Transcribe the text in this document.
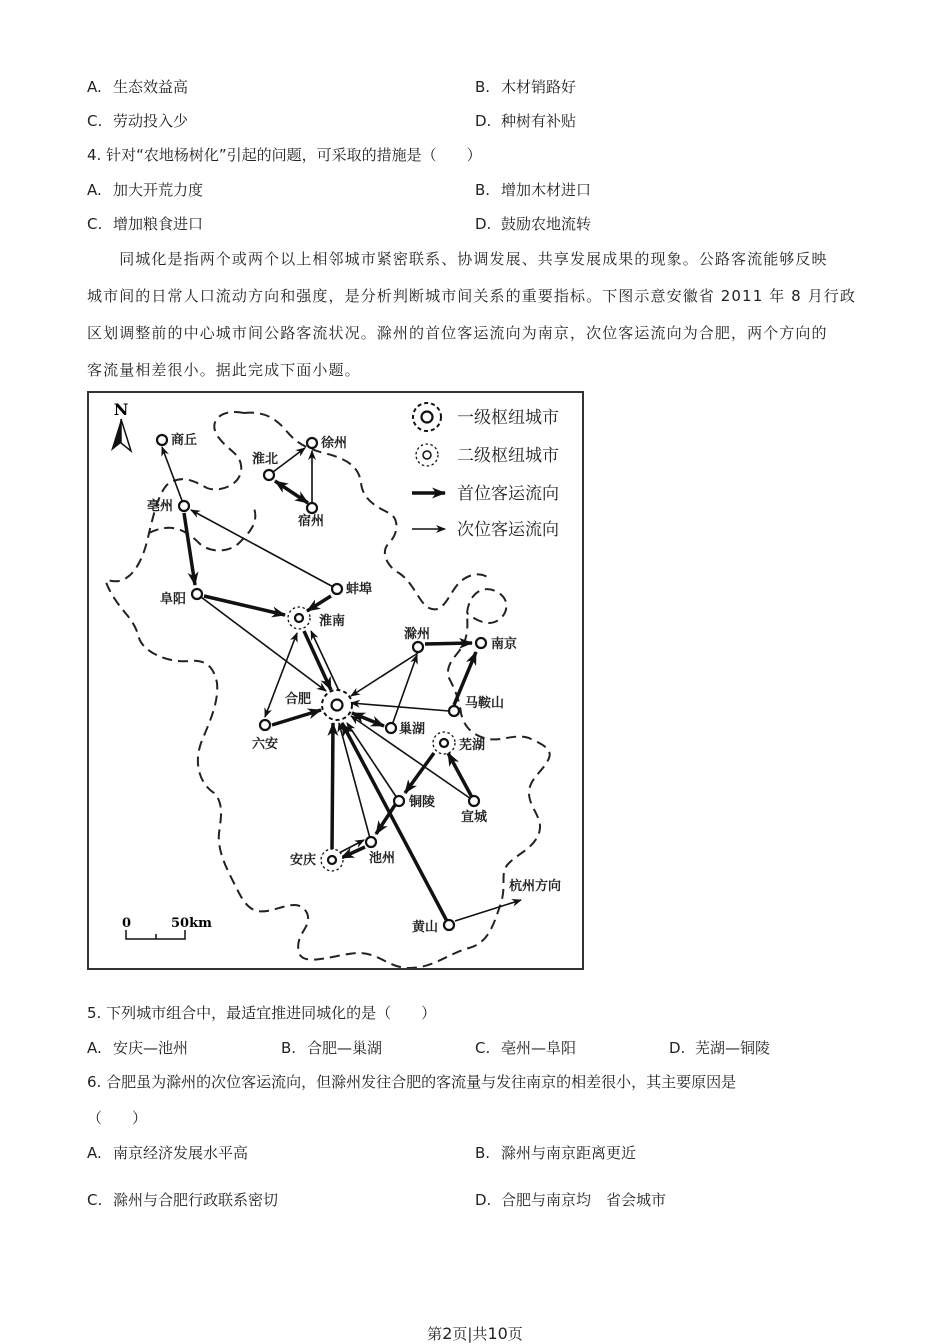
A. 生态效益高	B. 木材销路好
C. 劳动投入少	D. 种树有补贴
4. 针对“农地杨树化”引起的问题，可采取的措施是（　　）
A. 加大开荒力度	B. 增加木材进口
C. 增加粮食进口	D. 鼓励农地流转
　　同城化是指两个或两个以上相邻城市紧密联系、协调发展、共享发展成果的现象。公路客流能够反映
城市间的日常人口流动方向和强度，是分析判断城市间关系的重要指标。下图示意安徽省 2011 年 8 月行政
区划调整前的中心城市间公路客流状况。滁州的首位客运流向为南京，次位客运流向为合肥，两个方向的
客流量相差很小。据此完成下面小题。
N	一级枢纽城市
二级枢纽城市
首位客运流向
次位客运流向
商丘	徐州
淮北
宿州
亳州
蚌埠
阜阳
淮南
滁州
南京
合肥
六安
巢湖
马鞍山
芜湖
铜陵
宣城
池州
安庆
黄山
杭州方向
0	50km
5. 下列城市组合中，最适宜推进同城化的是（　　）
A. 安庆—池州	B. 合肥—巢湖	C. 亳州—阜阳	D. 芜湖—铜陵
6. 合肥虽为滁州的次位客运流向，但滁州发往合肥的客流量与发往南京的相差很小，其主要原因是
（　　）
A. 南京经济发展水平高	B. 滁州与南京距离更近
C. 滁州与合肥行政联系密切	D. 合肥与南京均　省会城市
第2页|共10页
